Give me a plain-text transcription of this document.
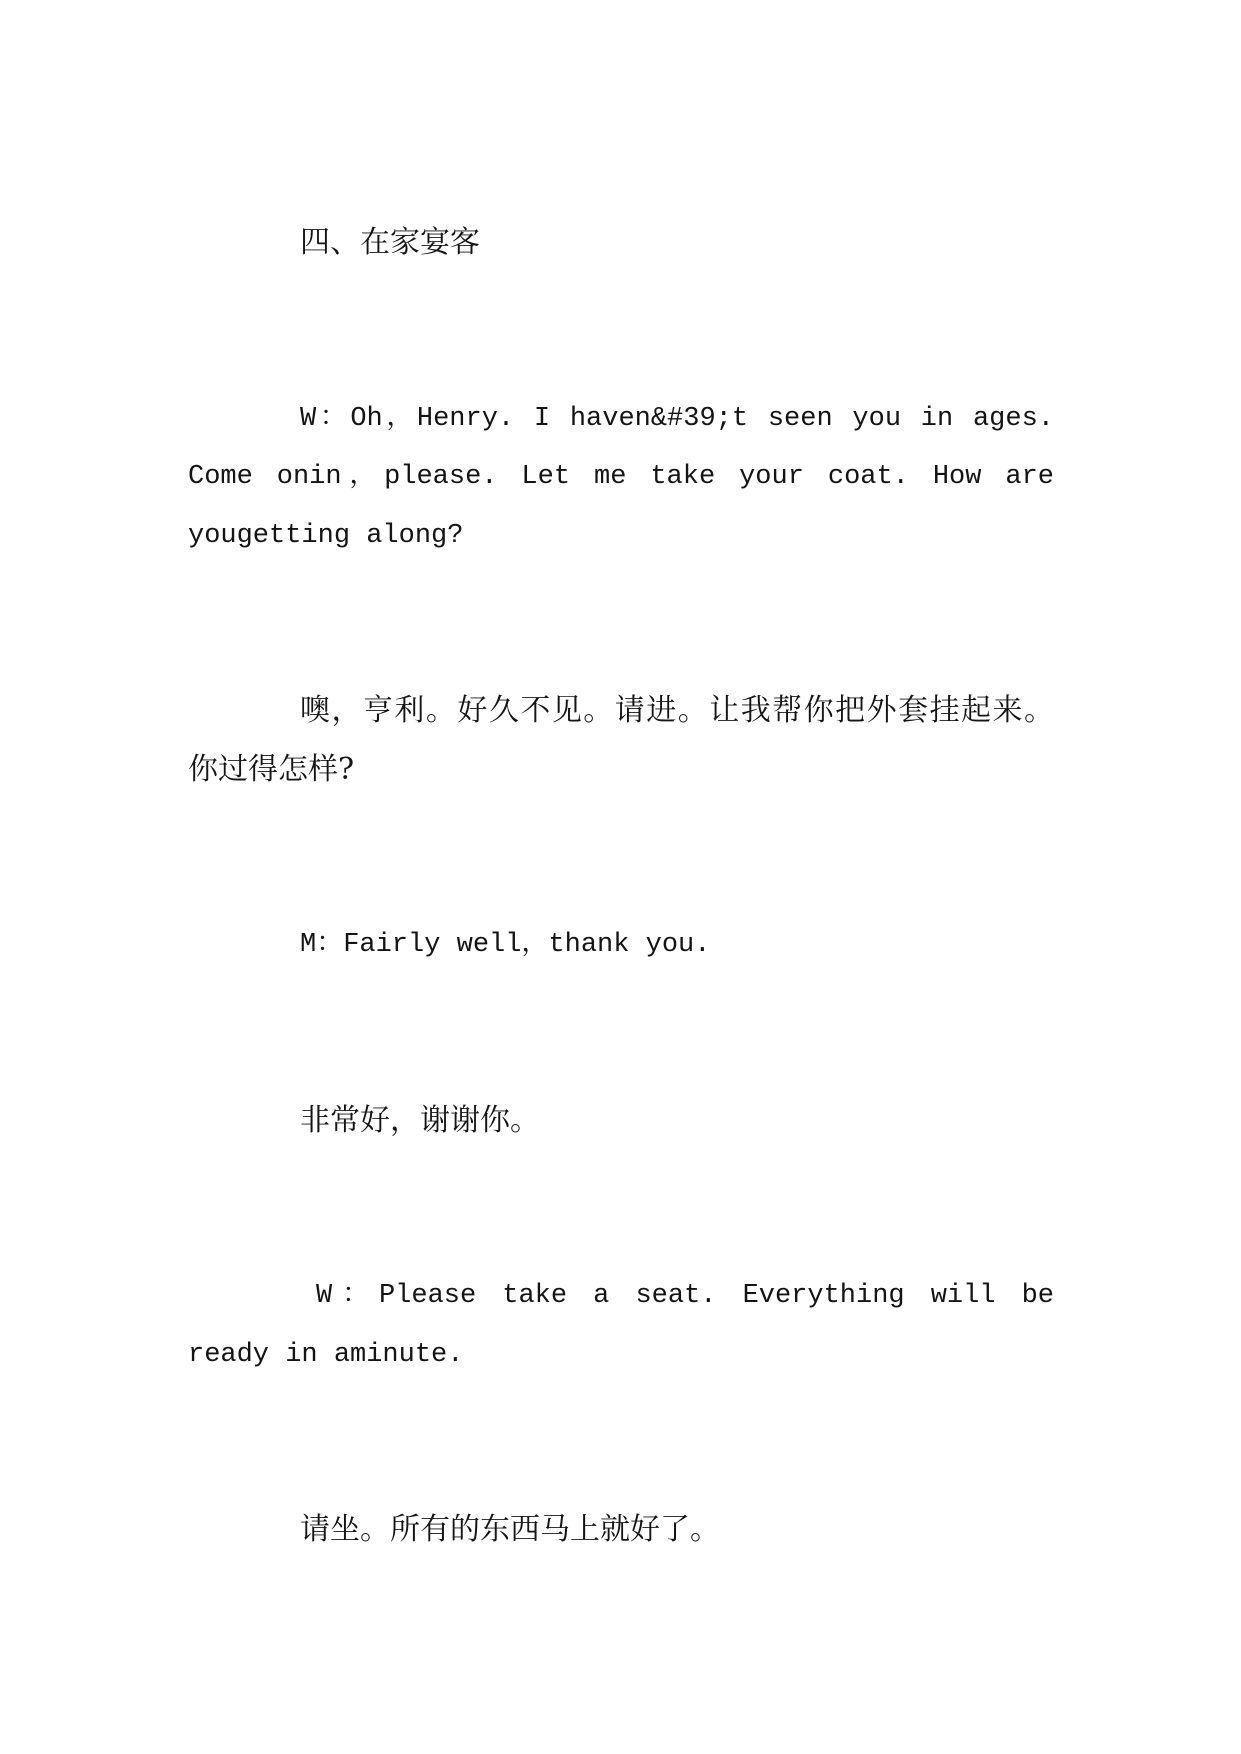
四、在家宴客
W：Oh，Henry. I haven&#39;t seen you in ages.
Come onin，please. Let me take your coat. How are
yougetting along?
噢，亨利。好久不见。请进。让我帮你把外套挂起来。
你过得怎样?
M：Fairly well，thank you.
非常好，谢谢你。
W：Please take a seat. Everything will be
ready in aminute.
请坐。所有的东西马上就好了。
